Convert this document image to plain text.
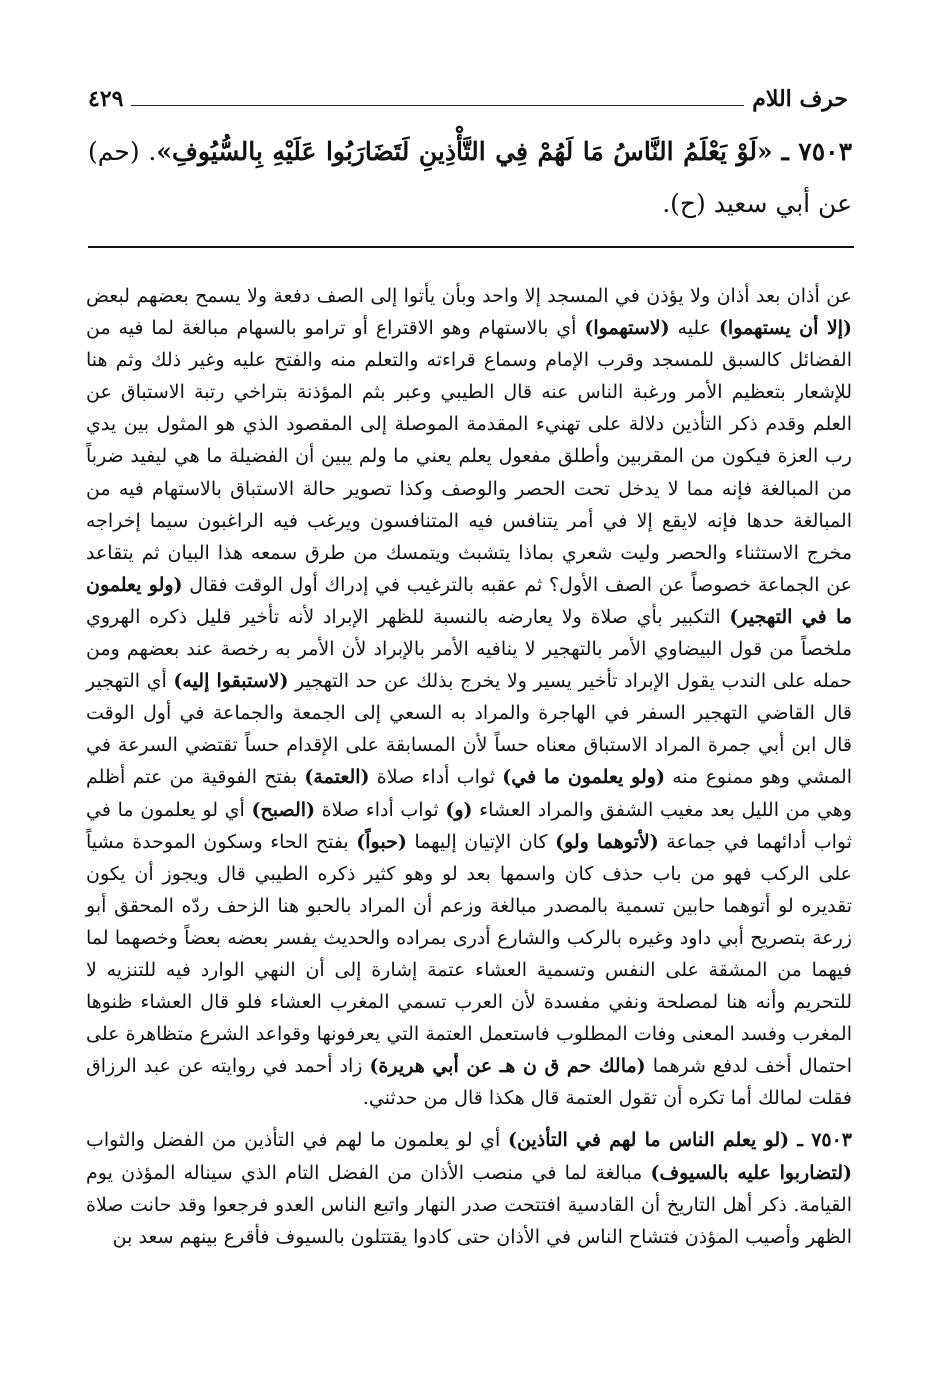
حرف اللام
٤٢٩
٧٥٠٣ ـ «لَوْ يَعْلَمُ النَّاسُ مَا لَهُمْ فِي التَّأْذِينِ لَتَضَارَبُوا عَلَيْهِ بِالسُّيُوفِ». (حم) عن أبي سعيد (ح).

عن أذان بعد أذان ولا يؤذن في المسجد إلا واحد وبأن يأتوا إلى الصف دفعة ولا يسمح بعضهم لبعض (إلا أن يستهموا) عليه (لاستهموا) أي بالاستهام وهو الاقتراع أو ترامو بالسهام مبالغة لما فيه من الفضائل كالسبق للمسجد وقرب الإمام وسماع قراءته والتعلم منه والفتح عليه وغير ذلك وثم هنا للإشعار بتعظيم الأمر ورغبة الناس عنه قال الطيبي وعبر بثم المؤذنة بتراخي رتبة الاستباق عن العلم وقدم ذكر التأذين دلالة على تهنيء المقدمة الموصلة إلى المقصود الذي هو المثول بين يدي رب العزة فيكون من المقربين وأطلق مفعول يعلم يعني ما ولم يبين أن الفضيلة ما هي ليفيد ضرباً من المبالغة فإنه مما لا يدخل تحت الحصر والوصف وكذا تصوير حالة الاستباق بالاستهام فيه من المبالغة حدها فإنه لايقع إلا في أمر يتنافس فيه المتنافسون ويرغب فيه الراغبون سيما إخراجه مخرج الاستثناء والحصر وليت شعري بماذا يتشبث ويتمسك من طرق سمعه هذا البيان ثم يتقاعد عن الجماعة خصوصاً عن الصف الأول؟ ثم عقبه بالترغيب في إدراك أول الوقت فقال (ولو يعلمون ما في التهجير) التكبير بأي صلاة ولا يعارضه بالنسبة للظهر الإبراد لأنه تأخير قليل ذكره الهروي ملخصاً من قول البيضاوي الأمر بالتهجير لا ينافيه الأمر بالإبراد لأن الأمر به رخصة عند بعضهم ومن حمله على الندب يقول الإبراد تأخير يسير ولا يخرج بذلك عن حد التهجير (لاستبقوا إليه) أي التهجير قال القاضي التهجير السفر في الهاجرة والمراد به السعي إلى الجمعة والجماعة في أول الوقت قال ابن أبي جمرة المراد الاستباق معناه حساً لأن المسابقة على الإقدام حساً تقتضي السرعة في المشي وهو ممنوع منه (ولو يعلمون ما في) ثواب أداء صلاة (العتمة) بفتح الفوقية من عتم أظلم وهي من الليل بعد مغيب الشفق والمراد العشاء (و) ثواب أداء صلاة (الصبح) أي لو يعلمون ما في ثواب أدائهما في جماعة (لأتوهما ولو) كان الإتيان إليهما (حبواً) بفتح الحاء وسكون الموحدة مشياً على الركب فهو من باب حذف كان واسمها بعد لو وهو كثير ذكره الطيبي قال ويجوز أن يكون تقديره لو أتوهما حابين تسمية بالمصدر مبالغة وزعم أن المراد بالحبو هنا الزحف ردّه المحقق أبو زرعة بتصريح أبي داود وغيره بالركب والشارع أدرى بمراده والحديث يفسر بعضه بعضاً وخصهما لما فيهما من المشقة على النفس وتسمية العشاء عتمة إشارة إلى أن النهي الوارد فيه للتنزيه لا للتحريم وأنه هنا لمصلحة ونفي مفسدة لأن العرب تسمي المغرب العشاء فلو قال العشاء ظنوها المغرب وفسد المعنى وفات المطلوب فاستعمل العتمة التي يعرفونها وقواعد الشرع متظاهرة على احتمال أخف لدفع شرهما (مالك حم ق ن هـ عن أبي هريرة) زاد أحمد في روايته عن عبد الرزاق فقلت لمالك أما تكره أن تقول العتمة قال هكذا قال من حدثني.

٧٥٠٣ ـ (لو يعلم الناس ما لهم في التأذين) أي لو يعلمون ما لهم في التأذين من الفضل والثواب (لتضاربوا عليه بالسيوف) مبالغة لما في منصب الأذان من الفضل التام الذي سيناله المؤذن يوم القيامة. ذكر أهل التاريخ أن القادسية افتتحت صدر النهار واتبع الناس العدو فرجعوا وقد حانت صلاة الظهر وأصيب المؤذن فتشاح الناس في الأذان حتى كادوا يقتتلون بالسيوف فأقرع بينهم سعد بن
